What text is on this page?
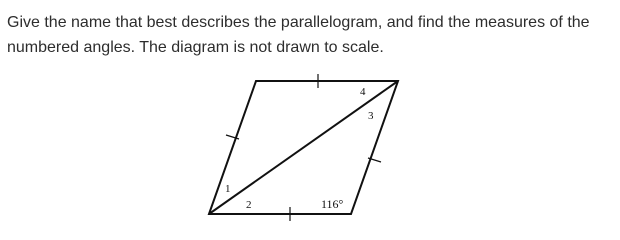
Give the name that best describes the parallelogram, and find the measures of the numbered angles. The diagram is not drawn to scale.

1
2
3
4
116°
